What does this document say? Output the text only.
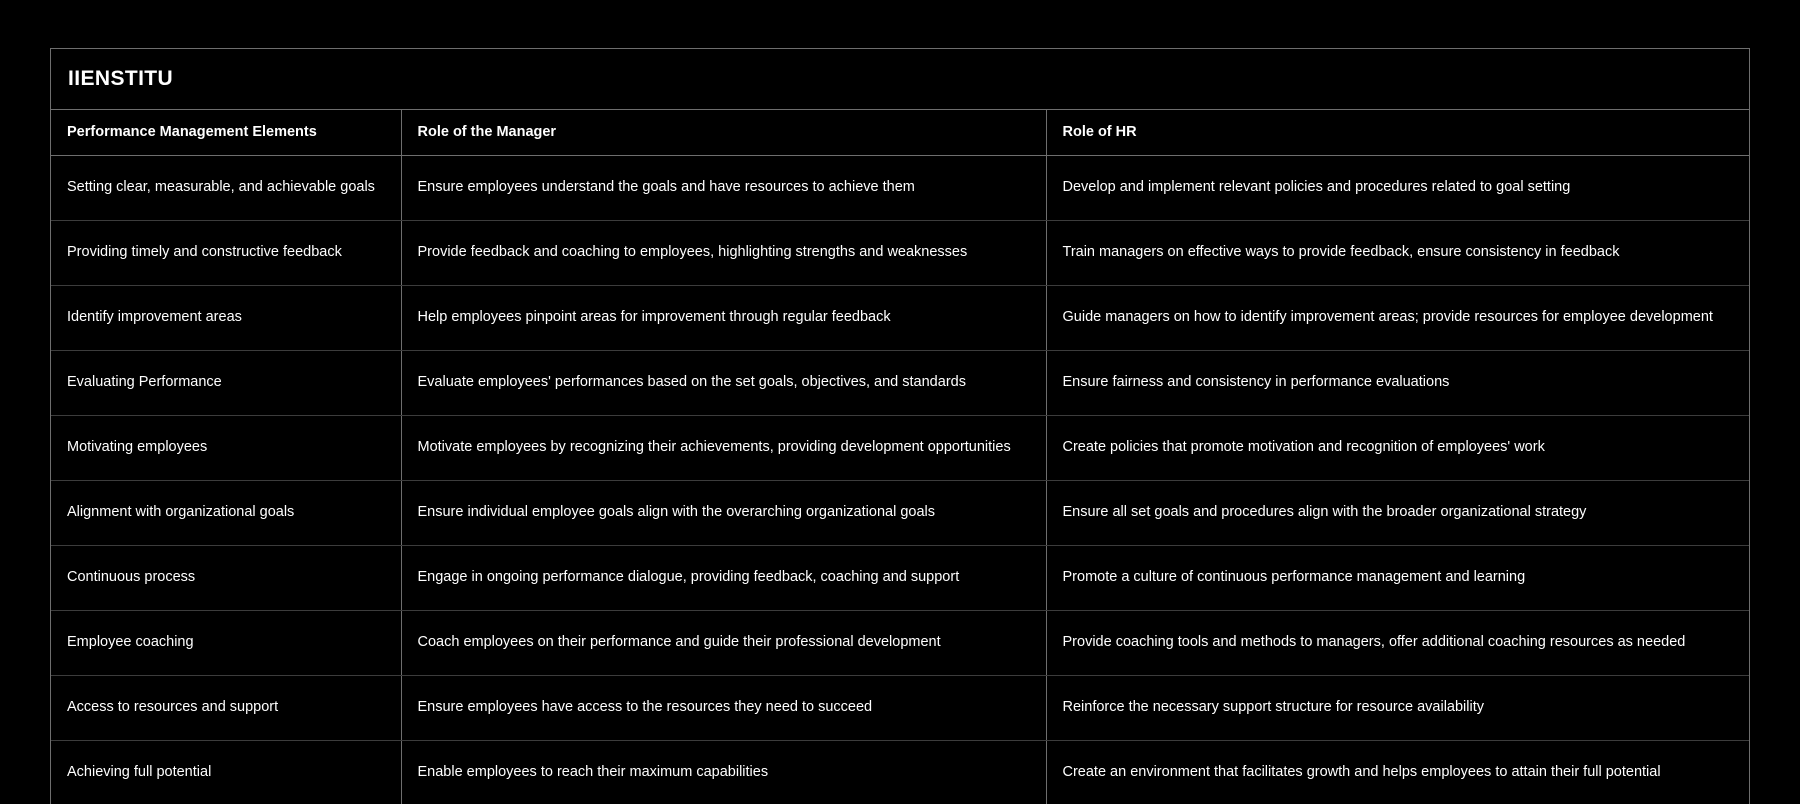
IIENSTITU
Performance Management Elements	Role of the Manager	Role of HR
Setting clear, measurable, and achievable goals	Ensure employees understand the goals and have resources to achieve them	Develop and implement relevant policies and procedures related to goal setting
Providing timely and constructive feedback	Provide feedback and coaching to employees, highlighting strengths and weaknesses	Train managers on effective ways to provide feedback, ensure consistency in feedback
Identify improvement areas	Help employees pinpoint areas for improvement through regular feedback	Guide managers on how to identify improvement areas; provide resources for employee development
Evaluating Performance	Evaluate employees' performances based on the set goals, objectives, and standards	Ensure fairness and consistency in performance evaluations
Motivating employees	Motivate employees by recognizing their achievements, providing development opportunities	Create policies that promote motivation and recognition of employees' work
Alignment with organizational goals	Ensure individual employee goals align with the overarching organizational goals	Ensure all set goals and procedures align with the broader organizational strategy
Continuous process	Engage in ongoing performance dialogue, providing feedback, coaching and support	Promote a culture of continuous performance management and learning
Employee coaching	Coach employees on their performance and guide their professional development	Provide coaching tools and methods to managers, offer additional coaching resources as needed
Access to resources and support	Ensure employees have access to the resources they need to succeed	Reinforce the necessary support structure for resource availability
Achieving full potential	Enable employees to reach their maximum capabilities	Create an environment that facilitates growth and helps employees to attain their full potential
